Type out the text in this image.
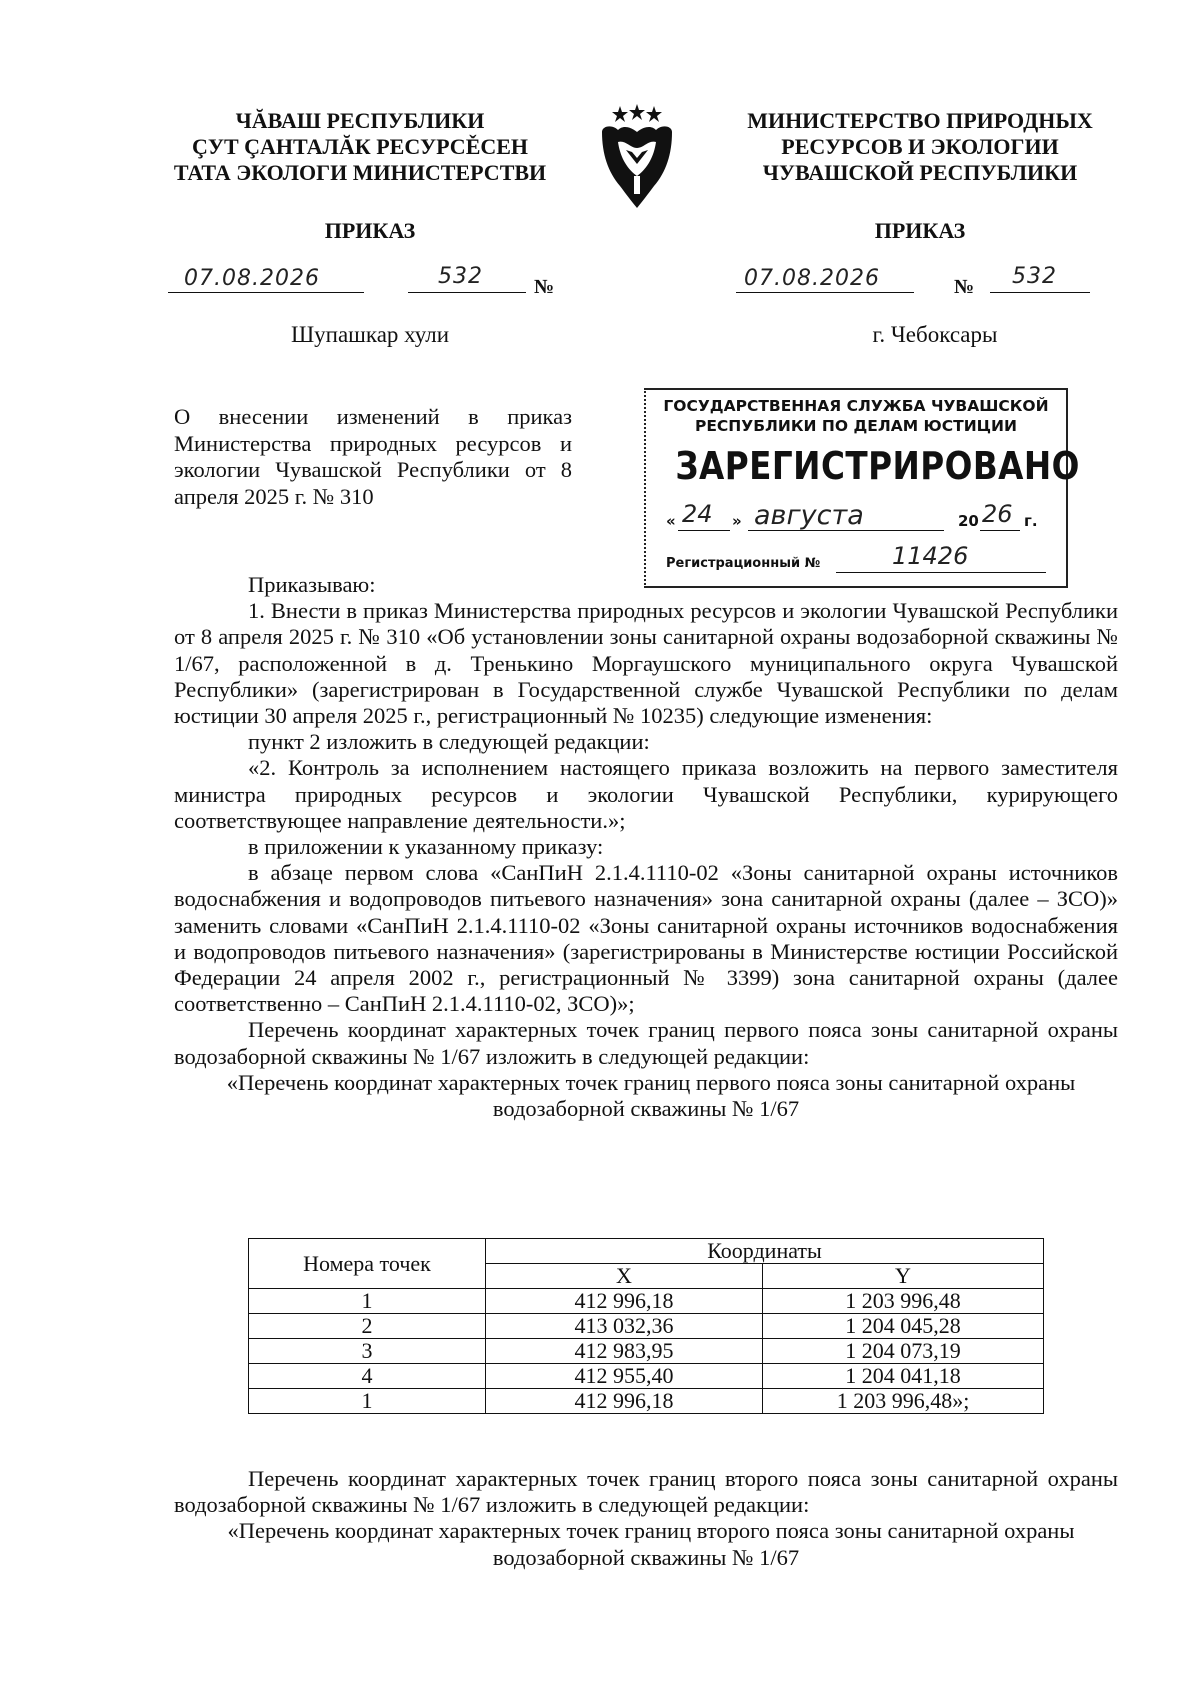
ЧĂВАШ РЕСПУБЛИКИ
ÇУТ ÇАНТАЛĂК РЕСУРСĚСЕН
ТАТА ЭКОЛОГИ МИНИСТЕРСТВИ
МИНИСТЕРСТВО ПРИРОДНЫХ
РЕСУРСОВ И ЭКОЛОГИИ
ЧУВАШСКОЙ РЕСПУБЛИКИ
ПРИКАЗ	ПРИКАЗ
07.08.2026	532	№	07.08.2026	№ 532
Шупашкар хули	г. Чебоксары
О внесении изменений в приказ Министерства природных ресурсов и экологии Чувашской Республики от 8 апреля 2025 г. № 310
ГОСУДАРСТВЕННАЯ СЛУЖБА ЧУВАШСКОЙ
РЕСПУБЛИКИ ПО ДЕЛАМ ЮСТИЦИИ
ЗАРЕГИСТРИРОВАНО
« 24 » августа	20 26 г.
Регистрационный №	11426

Приказываю:

1. Внести в приказ Министерства природных ресурсов и экологии Чувашской Республики от 8 апреля 2025 г. № 310 «Об установлении зоны санитарной охраны водозаборной скважины № 1/67, расположенной в д. Тренькино Моргаушского муниципального округа Чувашской Республики» (зарегистрирован в Государственной службе Чувашской Республики по делам юстиции 30 апреля 2025 г., регистрационный № 10235) следующие изменения:

пункт 2 изложить в следующей редакции:

«2. Контроль за исполнением настоящего приказа возложить на первого заместителя министра природных ресурсов и экологии Чувашской Республики, курирующего соответствующее направление деятельности.»;

в приложении к указанному приказу:

в абзаце первом слова «СанПиН 2.1.4.1110-02 «Зоны санитарной охраны источников водоснабжения и водопроводов питьевого назначения» зона санитарной охраны (далее – ЗСО)» заменить словами «СанПиН 2.1.4.1110-02 «Зоны санитарной охраны источников водоснабжения и водопроводов питьевого назначения» (зарегистрированы в Министерстве юстиции Российской Федерации 24 апреля 2002 г., регистрационный № 3399) зона санитарной охраны (далее соответственно – СанПиН 2.1.4.1110-02, ЗСО)»;

Перечень координат характерных точек границ первого пояса зоны санитарной охраны водозаборной скважины № 1/67 изложить в следующей редакции:

«Перечень координат характерных точек границ первого пояса зоны санитарной охраны

водозаборной скважины № 1/67

Номера точек	Координаты	
	X	Y
1	412 996,18	1 203 996,48
2	413 032,36	1 204 045,28
3	412 983,95	1 204 073,19
4	412 955,40	1 204 041,18
1	412 996,18	1 203 996,48»;

Перечень координат характерных точек границ второго пояса зоны санитарной охраны водозаборной скважины № 1/67 изложить в следующей редакции:

«Перечень координат характерных точек границ второго пояса зоны санитарной охраны

водозаборной скважины № 1/67
